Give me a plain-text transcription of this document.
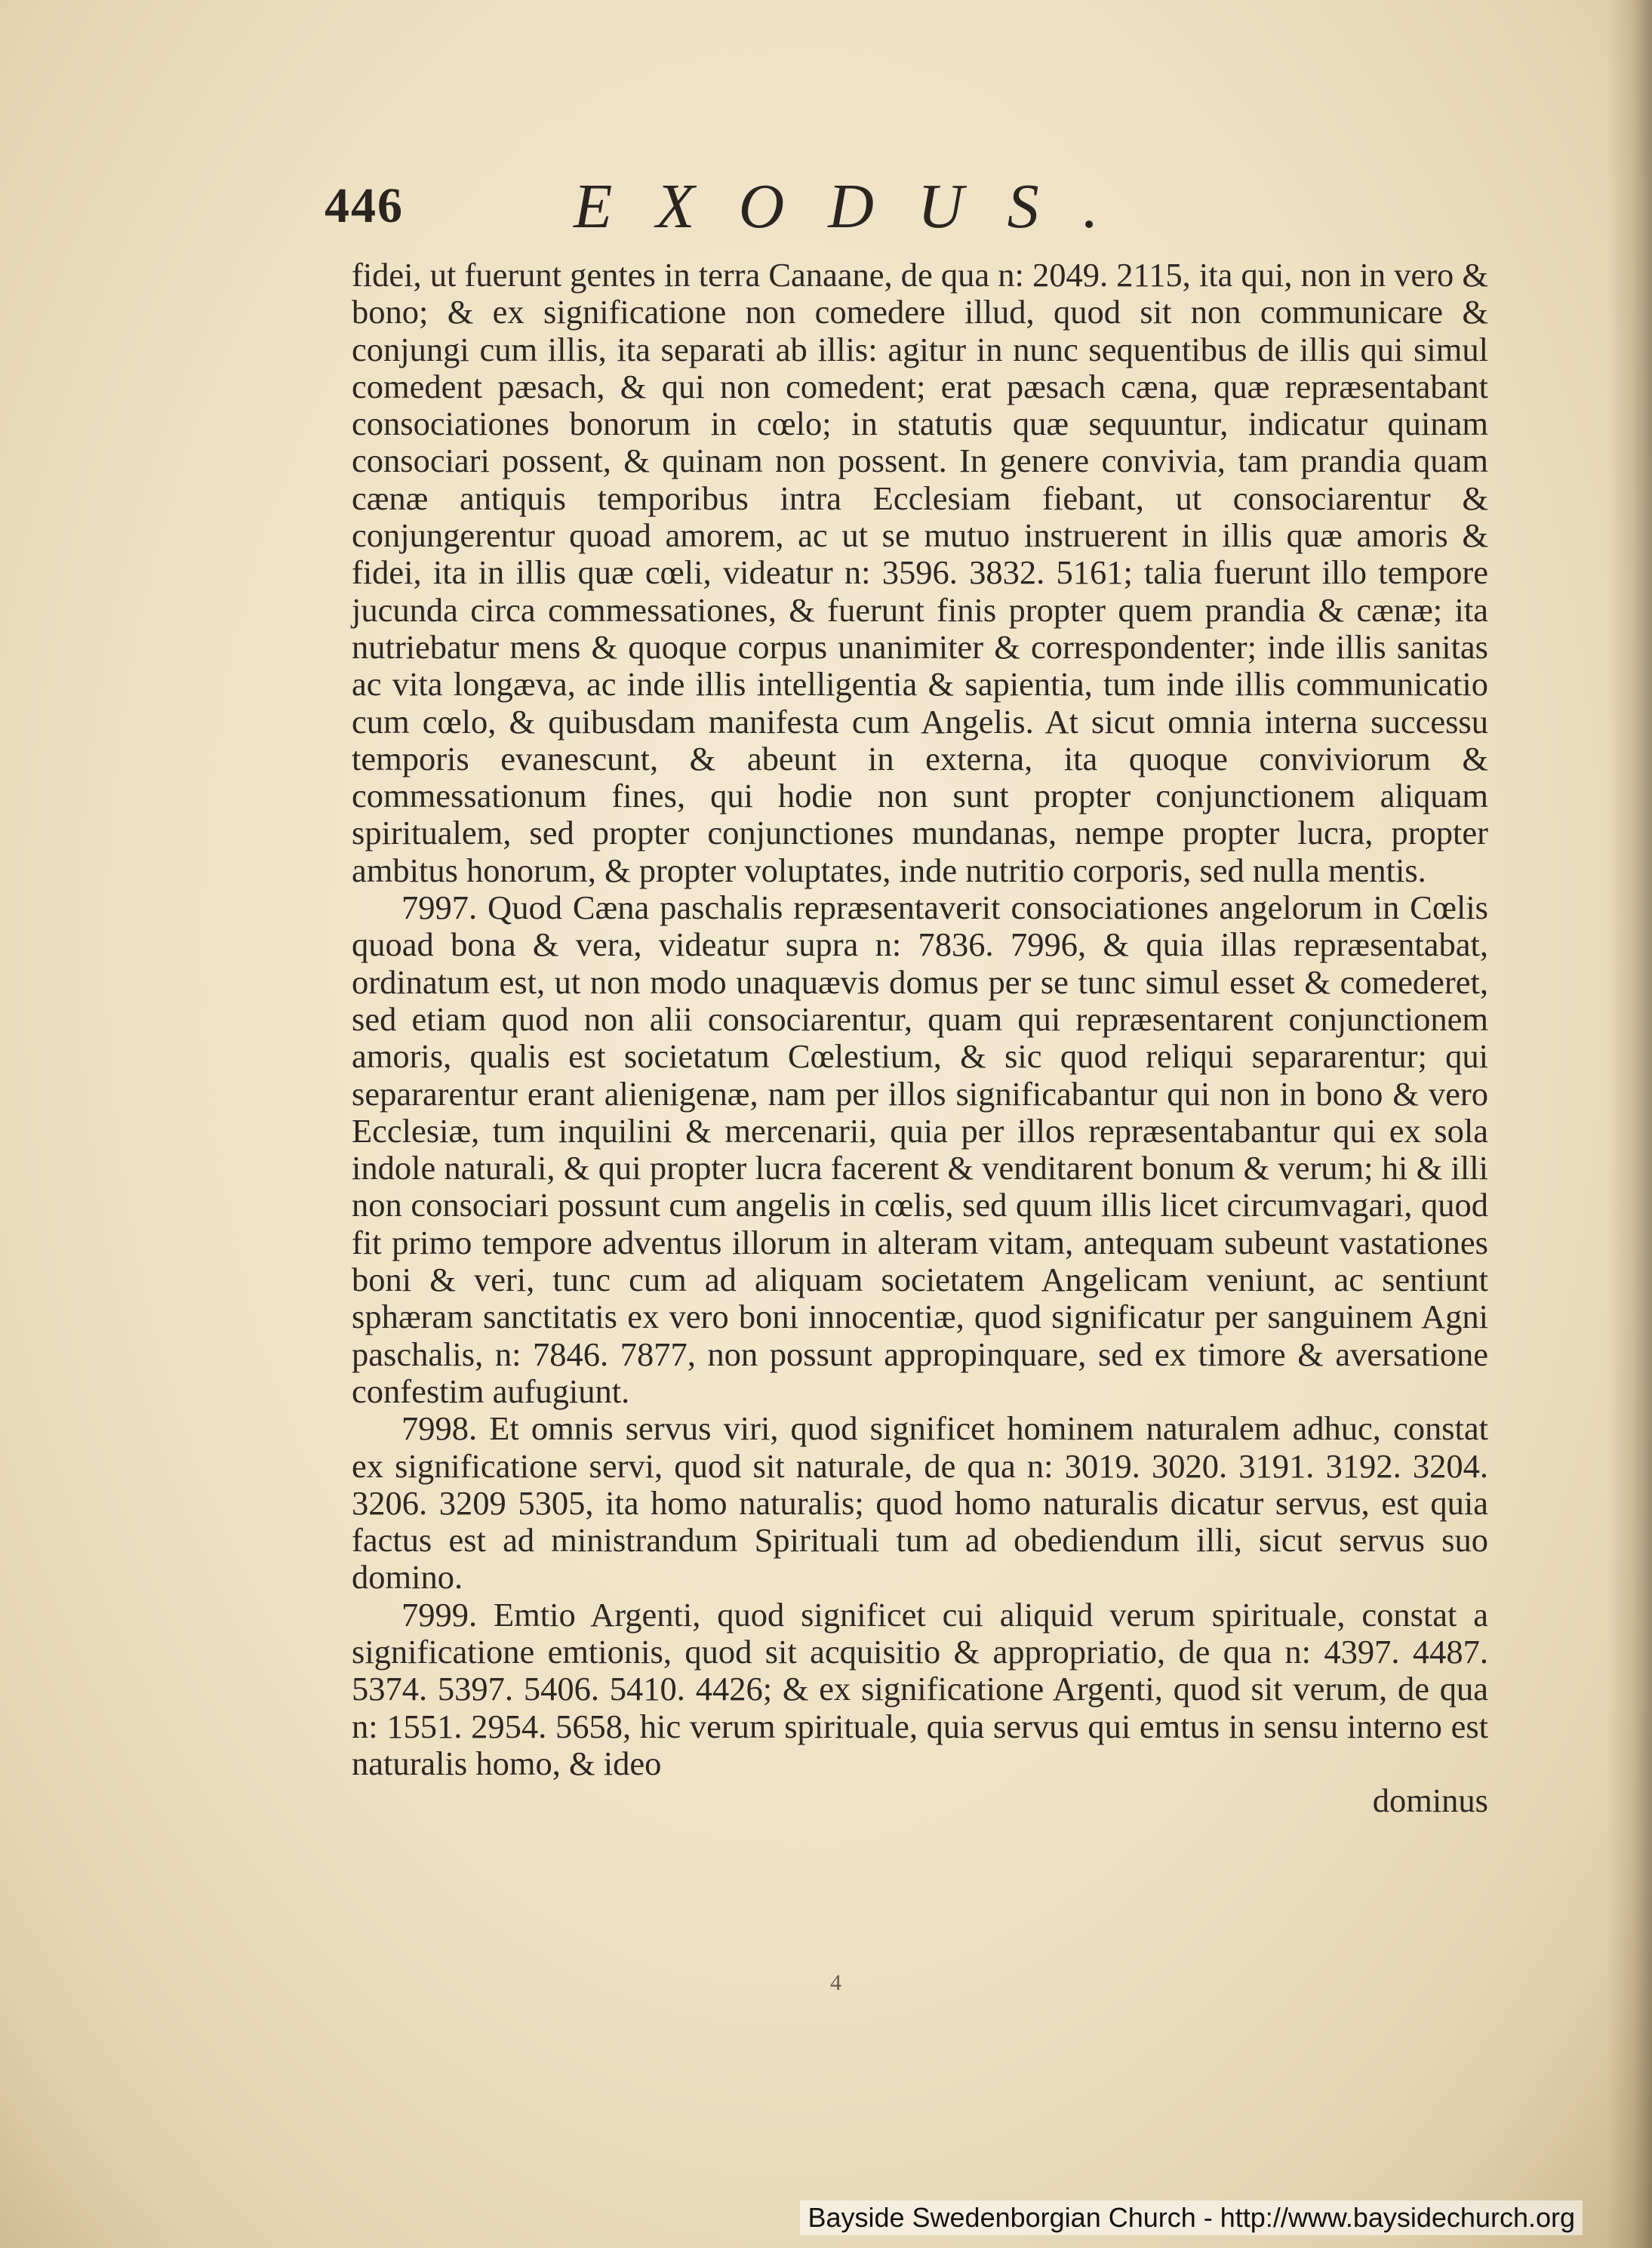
446	EXODUS.

fidei, ut fuerunt gentes in terra Canaane, de qua n: 2049. 2115, ita qui, non in vero & bono; & ex significatione non comedere illud, quod sit non communicare & conjungi cum illis, ita separati ab illis: agitur in nunc sequentibus de illis qui simul comedent pæsach, & qui non comedent; erat pæsach cæna, quæ repræsentabant consociationes bonorum in cœlo; in statutis quæ sequuntur, indicatur quinam consociari possent, & quinam non possent. In genere convivia, tam prandia quam cænæ antiquis temporibus intra Ecclesiam fiebant, ut consociarentur & conjungerentur quoad amorem, ac ut se mutuo instruerent in illis quæ amoris & fidei, ita in illis quæ cœli, videatur n: 3596. 3832. 5161; talia fuerunt illo tempore jucunda circa commessationes, & fuerunt finis propter quem prandia & cænæ; ita nutriebatur mens & quoque corpus unanimiter & correspondenter; inde illis sanitas ac vita longæva, ac inde illis intelligentia & sapientia, tum inde illis communicatio cum cœlo, & quibusdam manifesta cum Angelis. At sicut omnia interna successu temporis evanescunt, & abeunt in externa, ita quoque conviviorum & commessationum fines, qui hodie non sunt propter conjunctionem aliquam spiritualem, sed propter conjunctiones mundanas, nempe propter lucra, propter ambitus honorum, & propter voluptates, inde nutritio corporis, sed nulla mentis.

7997. Quod Cæna paschalis repræsentaverit consociationes angelorum in Cœlis quoad bona & vera, videatur supra n: 7836. 7996, & quia illas repræsentabat, ordinatum est, ut non modo unaquævis domus per se tunc simul esset & comederet, sed etiam quod non alii consociarentur, quam qui repræsentarent conjunctionem amoris, qualis est societatum Cœlestium, & sic quod reliqui separarentur; qui separarentur erant alienigenæ, nam per illos significabantur qui non in bono & vero Ecclesiæ, tum inquilini & mercenarii, quia per illos repræsentabantur qui ex sola indole naturali, & qui propter lucra facerent & venditarent bonum & verum; hi & illi non consociari possunt cum angelis in cœlis, sed quum illis licet circumvagari, quod fit primo tempore adventus illorum in alteram vitam, antequam subeunt vastationes boni & veri, tunc cum ad aliquam societatem Angelicam veniunt, ac sentiunt sphæram sanctitatis ex vero boni innocentiæ, quod significatur per sanguinem Agni paschalis, n: 7846. 7877, non possunt appropinquare, sed ex timore & aversatione confestim aufugiunt.

7998. Et omnis servus viri, quod significet hominem naturalem adhuc, constat ex significatione servi, quod sit naturale, de qua n: 3019. 3020. 3191. 3192. 3204. 3206. 3209 5305, ita homo naturalis; quod homo naturalis dicatur servus, est quia factus est ad ministrandum Spirituali tum ad obediendum illi, sicut servus suo domino.

7999. Emtio Argenti, quod significet cui aliquid verum spirituale, constat a significatione emtionis, quod sit acquisitio & appropriatio, de qua n: 4397. 4487. 5374. 5397. 5406. 5410. 4426; & ex significatione Argenti, quod sit verum, de qua n: 1551. 2954. 5658, hic verum spirituale, quia servus qui emtus in sensu interno est naturalis homo, & ideo

dominus

4
Bayside Swedenborgian Church - http://www.baysidechurch.org
